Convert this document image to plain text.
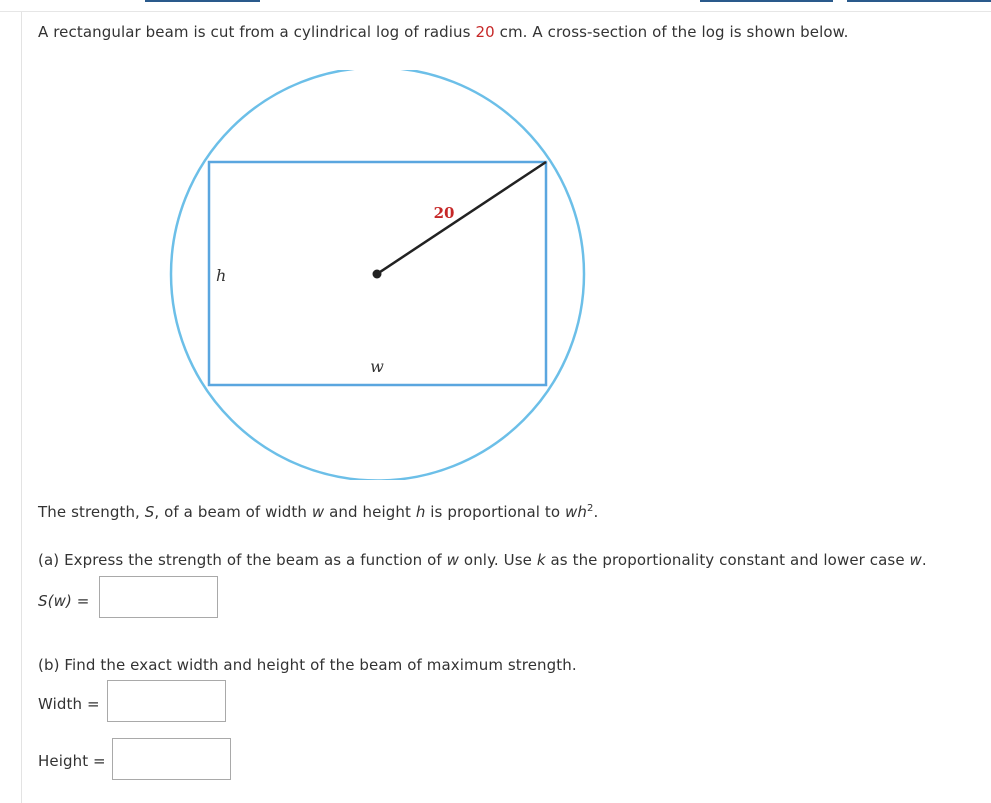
A rectangular beam is cut from a cylindrical log of radius 20 cm. A cross-section of the log is shown below.
20
h
w
The strength, S, of a beam of width w and height h is proportional to $wh^2$.
(a) Express the strength of the beam as a function of w only. Use k as the proportionality constant and lower case w.
S(w) =
(b) Find the exact width and height of the beam of maximum strength.
Width =
Height =
